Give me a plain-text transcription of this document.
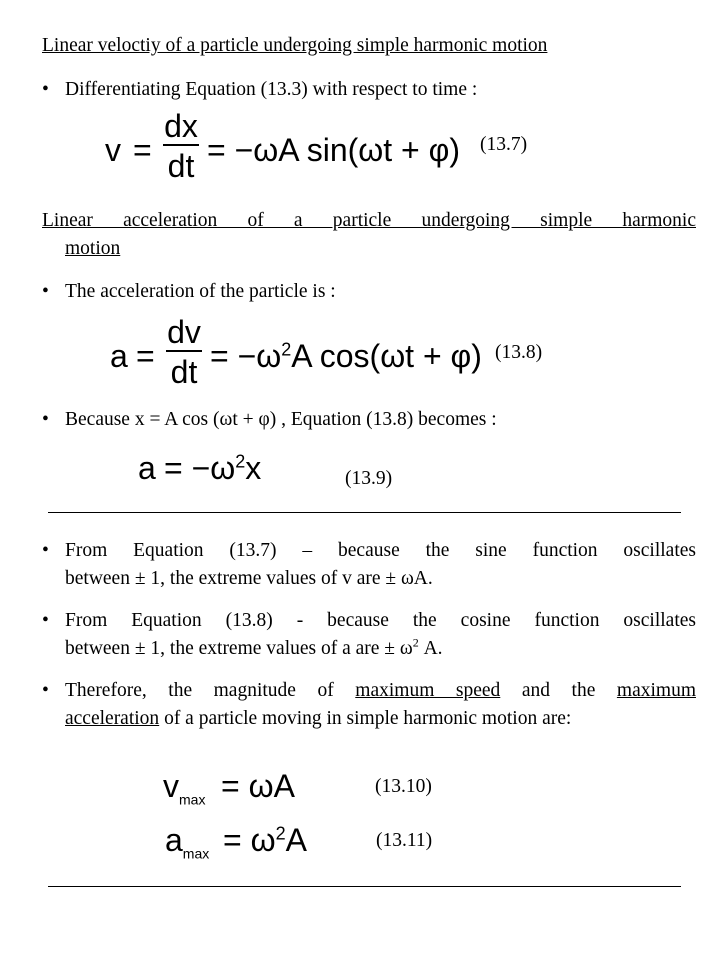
Linear veloctiy of a particle undergoing simple harmonic motion
• Differentiating Equation (13.3) with respect to time :
v =
dx
dt = −ωA sin(ωt + φ) (13.7)
Linear acceleration of a particle undergoing simple harmonic
motion
• The acceleration of the particle is :
a =
dv
dt = $-\omega^2A$ cos(ωt + φ) (13.8)
• Because x = A cos (ωt + φ) , Equation (13.8) becomes :
$a = -\omega^2x$	(13.9)
• From Equation (13.7) – because the sine function oscillates
between ± 1, the extreme values of v are ± ωA.
• From Equation (13.8) - because the cosine function oscillates
between ± 1, the extreme values of a are ± $\omega^2$ A.
• Therefore, the magnitude of maximum speed and the maximum
acceleration of a particle moving in simple harmonic motion are:
$v_{max} = \omega A$	(13.10)
$a_{max} = \omega^2A$	(13.11)
